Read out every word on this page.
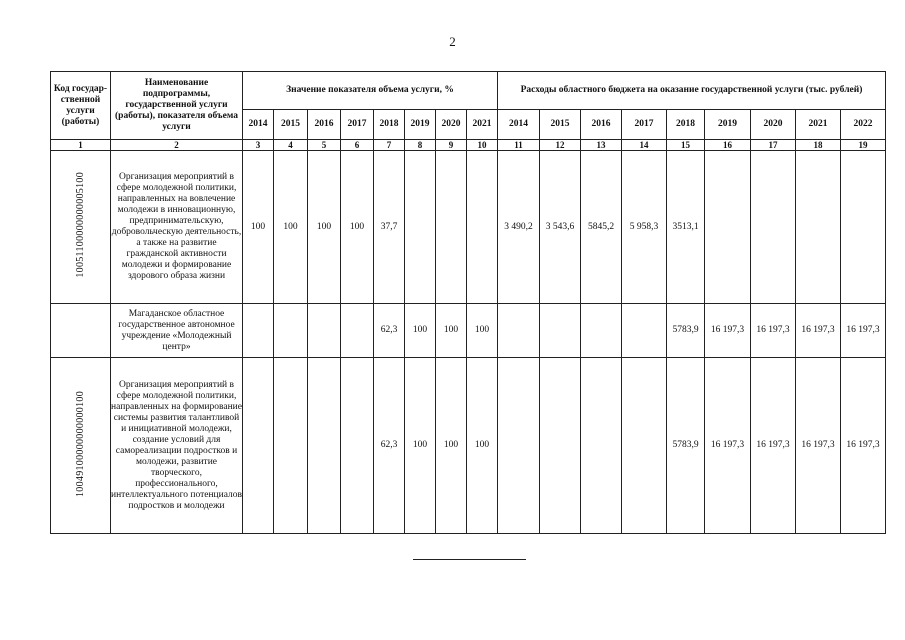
2
Код государ-ственной услуги (работы)	Наименование подпрограммы, государственной услуги (работы), показателя объема услуги	Значение показателя объема услуги, %								Расходы областного бюджета на оказание государственной услуги (тыс. рублей)								
		2014	2015	2016	2017	2018	2019	2020	2021	2014	2015	2016	2017	2018	2019	2020	2021	2022
1	2	3	4	5	6	7	8	9	10	11	12	13	14	15	16	17	18	19
10051100000000005100	Организация мероприятий в сфере молодежной политики, направленных на вовлечение молодежи в инновационную, предпринимательскую, добровольческую деятельность, а также на развитие гражданской активности молодежи и формирование здорового образа жизни	100	100	100	100	37,7				3 490,2	3 543,6	5845,2	5 958,3	3513,1				
	Магаданское областное государственное автономное учреждение «Молодежный центр»					62,3	100	100	100					5783,9	16 197,3	16 197,3	16 197,3	16 197,3
10049100000000000100	Организация мероприятий в сфере молодежной политики, направленных на формирование системы развития талантливой и инициативной молодежи, создание условий для самореализации подростков и молодежи, развитие творческого, профессионального, интеллектуального потенциалов подростков и молодежи					62,3	100	100	100					5783,9	16 197,3	16 197,3	16 197,3	16 197,3
